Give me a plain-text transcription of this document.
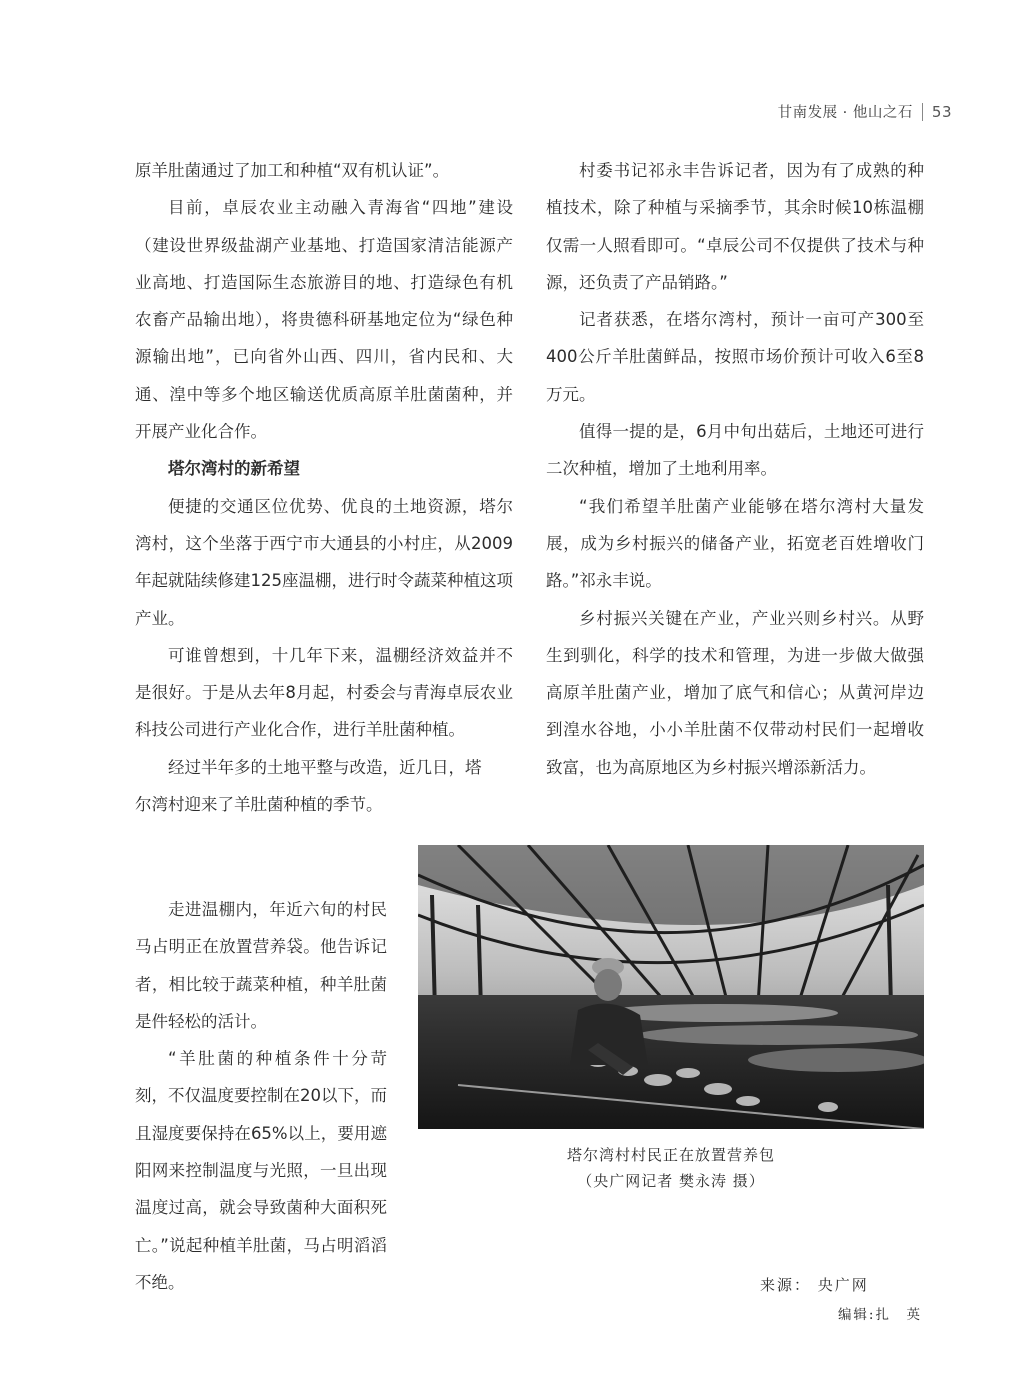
甘南发展 · 他山之石 53

原羊肚菌通过了加工和种植“双有机认证”。

目前，卓辰农业主动融入青海省“四地”建设（建设世界级盐湖产业基地、打造国家清洁能源产业高地、打造国际生态旅游目的地、打造绿色有机农畜产品输出地），将贵德科研基地定位为“绿色种源输出地”，已向省外山西、四川，省内民和、大通、湟中等多个地区输送优质高原羊肚菌菌种，并开展产业化合作。

塔尔湾村的新希望

便捷的交通区位优势、优良的土地资源，塔尔湾村，这个坐落于西宁市大通县的小村庄，从2009年起就陆续修建125座温棚，进行时令蔬菜种植这项产业。

可谁曾想到，十几年下来，温棚经济效益并不是很好。于是从去年8月起，村委会与青海卓辰农业科技公司进行产业化合作，进行羊肚菌种植。

经过半年多的土地平整与改造，近几日，塔

尔湾村迎来了羊肚菌种植的季节。

走进温棚内，年近六旬的村民马占明正在放置营养袋。他告诉记者，相比较于蔬菜种植，种羊肚菌是件轻松的活计。

“羊肚菌的种植条件十分苛刻，不仅温度要控制在20以下，而且湿度要保持在65%以上，要用遮阳网来控制温度与光照，一旦出现温度过高，就会导致菌种大面积死亡。”说起种植羊肚菌，马占明滔滔不绝。

村委书记祁永丰告诉记者，因为有了成熟的种植技术，除了种植与采摘季节，其余时候10栋温棚仅需一人照看即可。“卓辰公司不仅提供了技术与种源，还负责了产品销路。”

记者获悉，在塔尔湾村，预计一亩可产300至400公斤羊肚菌鲜品，按照市场价预计可收入6至8万元。

值得一提的是，6月中旬出菇后，土地还可进行二次种植，增加了土地利用率。

“我们希望羊肚菌产业能够在塔尔湾村大量发展，成为乡村振兴的储备产业，拓宽老百姓增收门路。”祁永丰说。

乡村振兴关键在产业，产业兴则乡村兴。从野生到驯化，科学的技术和管理，为进一步做大做强高原羊肚菌产业，增加了底气和信心；从黄河岸边到湟水谷地，小小羊肚菌不仅带动村民们一起增收致富，也为高原地区为乡村振兴增添新活力。

塔尔湾村村民正在放置营养包
（央广网记者 樊永涛 摄）
来源： 央广网
编辑:扎　英
